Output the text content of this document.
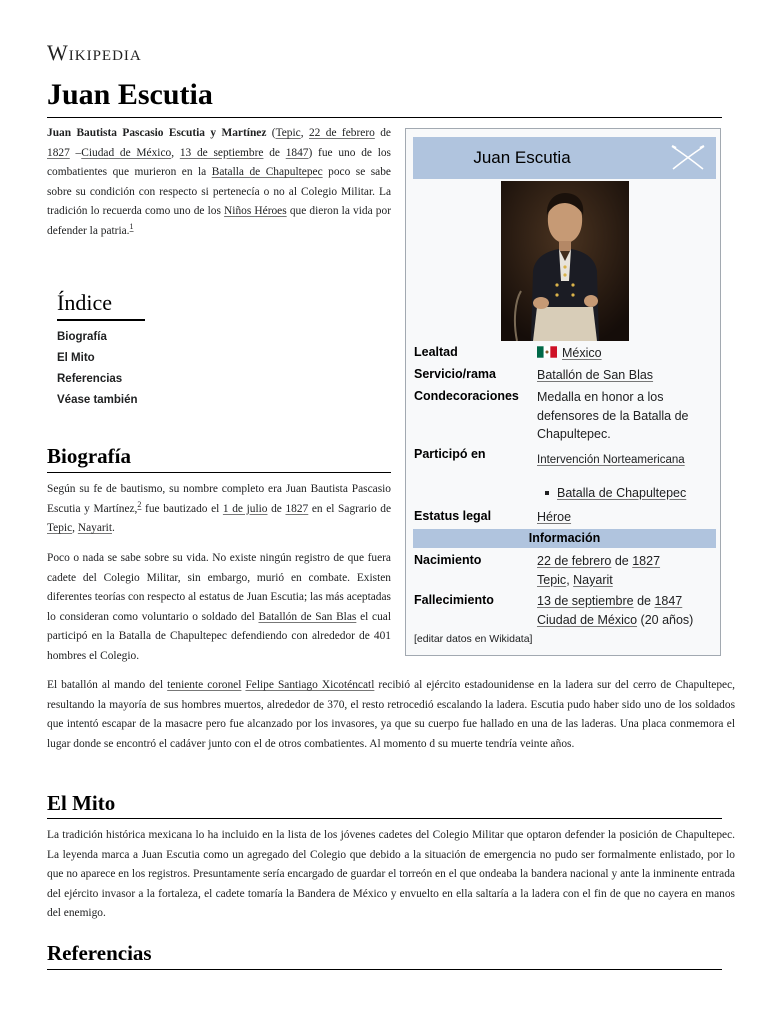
Wikipedia
Juan Escutia

Juan Bautista Pascasio Escutia y Martínez (Tepic, 22 de febrero de 1827 –Ciudad de México, 13 de septiembre de 1847) fue uno de los combatientes que murieron en la Batalla de Chapultepec poco se sabe sobre su condición con respecto si pertenecía o no al Colegio Militar. La tradición lo recuerda como uno de los Niños Héroes que dieron la vida por defender la patria.$^1$

Índice
Biografía
El Mito
Referencias
Véase también
Biografía

Según su fe de bautismo, su nombre completo era Juan Bautista Pascasio Escutia y Martínez,$^2$ fue bautizado el 1 de julio de 1827 en el Sagrario de Tepic, Nayarit.

Poco o nada se sabe sobre su vida. No existe ningún registro de que fuera cadete del Colegio Militar, sin embargo, murió en combate. Existen diferentes teorías con respecto al estatus de Juan Escutia; las más aceptadas lo consideran como voluntario o soldado del Batallón de San Blas el cual participó en la Batalla de Chapultepec defendiendo con alrededor de 401 hombres el Colegio.

El batallón al mando del teniente coronel Felipe Santiago Xicoténcatl recibió al ejército estadounidense en la ladera sur del cerro de Chapultepec, resultando la mayoría de sus hombres muertos, alrededor de 370, el resto retrocedió escalando la ladera. Escutia pudo haber sido uno de los soldados que intentó escapar de la masacre pero fue alcanzado por los invasores, ya que su cuerpo fue hallado en una de las laderas. Una placa conmemora el lugar donde se encontró el cadáver junto con el de otros combatientes. Al momento d su muerte tendría veinte años.

El Mito

La tradición histórica mexicana lo ha incluido en la lista de los jóvenes cadetes del Colegio Militar que optaron defender la posición de Chapultepec. La leyenda marca a Juan Escutia como un agregado del Colegio que debido a la situación de emergencia no pudo ser formalmente enlistado, por lo que no aparece en los registros. Presuntamente sería encargado de guardar el torreón en el que ondeaba la bandera nacional y ante la inminente entrada del ejército invasor a la fortaleza, el cadete tomaría la Bandera de México y envuelto en ella saltaría a la ladera con el fin de que no cayera en manos del enemigo.

Referencias
Juan Escutia
Lealtad	México
Servicio/rama	Batallón de San Blas
Condecoraciones Medalla en honor a los defensores de la Batalla de Chapultepec.
Participó en	Intervención Norteamericana
Batalla de Chapultepec
Estatus legal	Héroe
Información
Nacimiento	22 de febrero de 1827
Tepic, Nayarit
Fallecimiento	13 de septiembre de 1847
Ciudad de México (20 años)
[editar datos en Wikidata]
